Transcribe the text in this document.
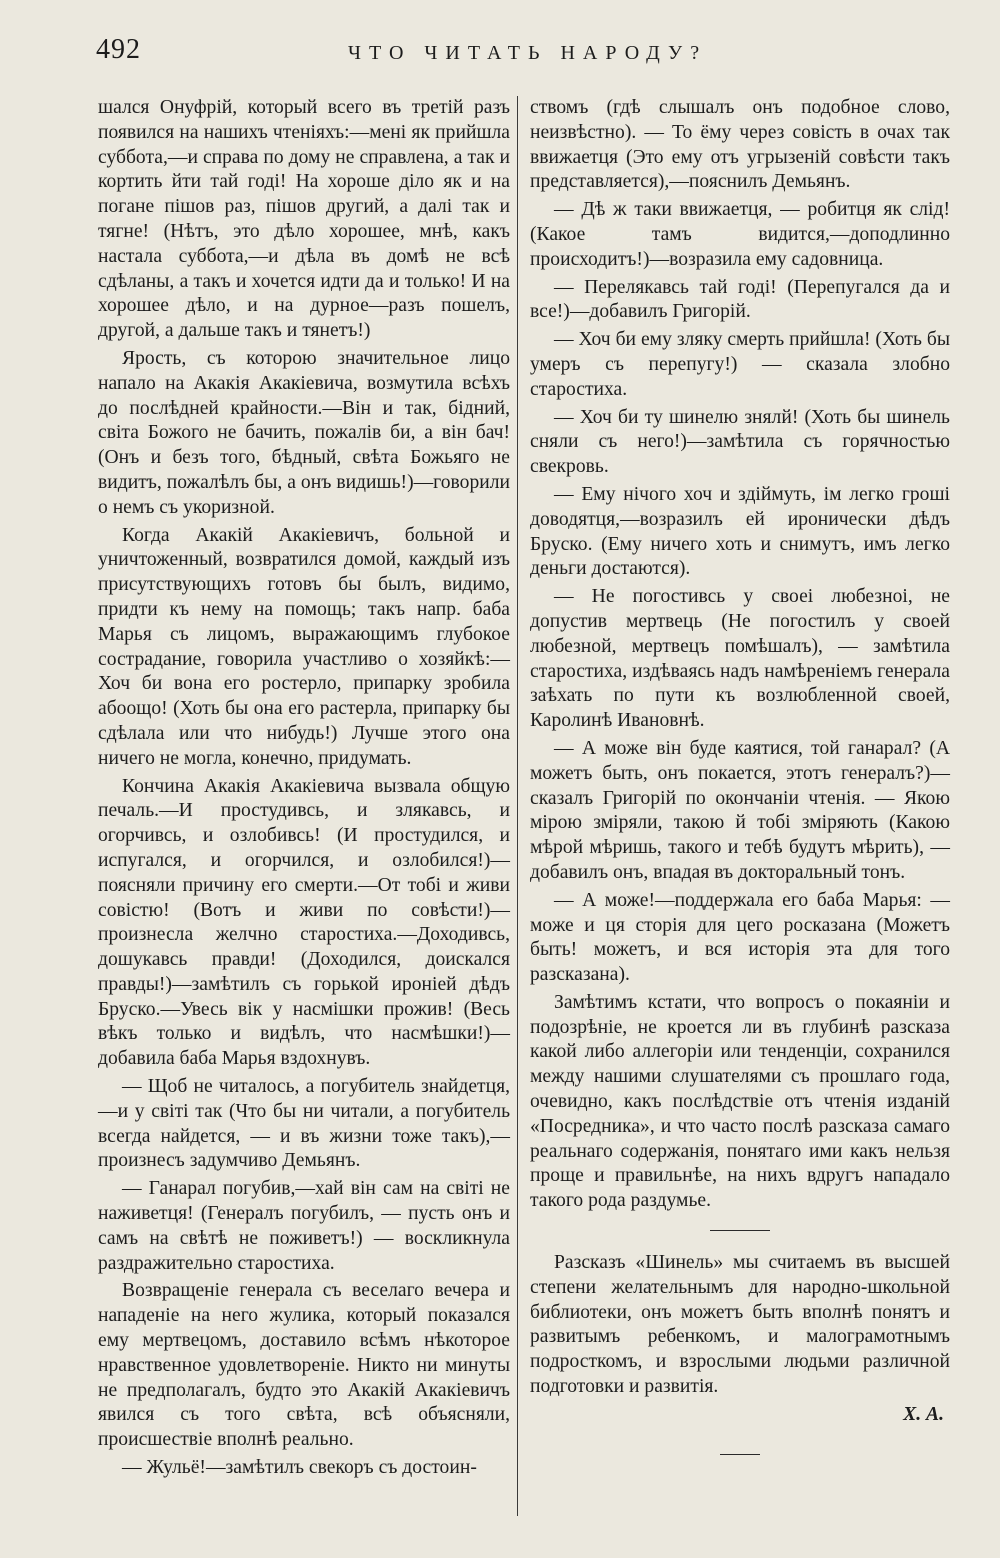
492	ЧТО ЧИТАТЬ НАРОДУ?

шался Онуфрій, который всего въ третій разъ появился на нашихъ чтеніяхъ:—мені як прийшла суббота,—и справа по дому не справлена, а так и кортить йти тай годі! На хороше діло як и на погане пішов раз, пішов другий, а далі так и тягне! (Нѣтъ, это дѣло хорошее, мнѣ, какъ настала суббота,—и дѣла въ домѣ не всѣ сдѣланы, а такъ и хочется идти да и только! И на хорошее дѣло, и на дурное—разъ пошелъ, другой, а дальше такъ и тянетъ!)

Ярость, съ которою значительное лицо напало на Акакія Акакіевича, возмутила всѣхъ до послѣдней крайности.—Він и так, бідний, світа Божого не бачить, пожалів би, а він бач! (Онъ и безъ того, бѣдный, свѣта Божьяго не видитъ, пожалѣлъ бы, а онъ видишь!)—говорили о немъ съ укоризной.

Когда Акакій Акакіевичъ, больной и уничтоженный, возвратился домой, каждый изъ присутствующихъ готовъ бы былъ, видимо, придти къ нему на помощь; такъ напр. баба Марья съ лицомъ, выражающимъ глубокое сострадание, говорила участливо о хозяйкѣ:—Хоч би вона его ростерло, припарку зробила абоощо! (Хоть бы она его растерла, припарку бы сдѣлала или что нибудь!) Лучше этого она ничего не могла, конечно, придумать.

Кончина Акакія Акакіевича вызвала общую печаль.—И простудивсь, и злякавсь, и огорчивсь, и озлобивсь! (И простудился, и испугался, и огорчился, и озлобился!)—поясняли причину его смерти.—От тобі и живи совістю! (Вотъ и живи по совѣсти!)—произнесла желчно старостиха.—Доходивсь, дошукавсь правди! (Доходился, доискался правды!)—замѣтилъ съ горькой ироніей дѣдъ Бруско.—Увесь вік у насмішки прожив! (Весь вѣкъ только и видѣлъ, что насмѣшки!)—добавила баба Марья вздохнувъ.

— Щоб не читалось, а погубитель знайдетця,—и у світі так (Что бы ни читали, а погубитель всегда найдется, — и въ жизни тоже такъ),—произнесъ задумчиво Демьянъ.

— Ганарал погубив,—хай він сам на світі не наживетця! (Генералъ погубилъ, — пусть онъ и самъ на свѣтѣ не поживетъ!) — воскликнула раздражительно старостиха.

Возвращеніе генерала съ веселаго вечера и нападеніе на него жулика, который показался ему мертвецомъ, доставило всѣмъ нѣкоторое нравственное удовлетвореніе. Никто ни минуты не предполагалъ, будто это Акакій Акакіевичъ явился съ того свѣта, всѣ объясняли, происшествіе вполнѣ реально.

— Жульё!—замѣтилъ свекоръ съ достоин-

ствомъ (гдѣ слышалъ онъ подобное слово, неизвѣстно). — То ёму через совість в очах так ввижаетця (Это ему отъ угрызеній совѣсти такъ представляется),—пояснилъ Демьянъ.

— Дѣ ж таки ввижаетця, — робитця як слід! (Какое тамъ видится,—доподлинно происходитъ!)—возразила ему садовница.

— Перелякавсь тай годі! (Перепугался да и все!)—добавилъ Григорій.

— Хоч би ему зляку смерть прийшла! (Хоть бы умеръ съ перепугу!) — сказала злобно старостиха.

— Хоч би ту шинелю знялй! (Хоть бы шинель сняли съ него!)—замѣтила съ горячностью свекровь.

— Ему нічого хоч и здіймуть, ім легко гроші доводятця,—возразилъ ей иронически дѣдъ Бруско. (Ему ничего хоть и снимутъ, имъ легко деньги достаются).

— Не погостивсь у своеі любезноі, не допустив мертвець (Не погостилъ у своей любезной, мертвецъ помѣшалъ), — замѣтила старостиха, издѣваясь надъ намѣреніемъ генерала заѣхать по пути къ возлюбленной своей, Каролинѣ Ивановнѣ.

— А може він буде каятися, той ганарал? (А можетъ быть, онъ покается, этотъ генералъ?)—сказалъ Григорій по окончаніи чтенія. — Якою мірою зміряли, такою й тобі зміряють (Какою мѣрой мѣришь, такого и тебѣ будутъ мѣрить), — добавилъ онъ, впадая въ докторальный тонъ.

— А може!—поддержала его баба Марья: —може и ця сторія для цего росказана (Можетъ быть! можетъ, и вся исторія эта для того разсказана).

Замѣтимъ кстати, что вопросъ о покаяніи и подозрѣніе, не кроется ли въ глубинѣ разсказа какой либо аллегоріи или тенденціи, сохранился между нашими слушателями съ прошлаго года, очевидно, какъ послѣдствіе отъ чтенія изданій «Посредника», и что часто послѣ разсказа самаго реальнаго содержанія, понятаго ими какъ нельзя проще и правильнѣе, на нихъ вдругъ нападало такого рода раздумье.

Разсказъ «Шинель» мы считаемъ въ высшей степени желательнымъ для народно-школьной библиотеки, онъ можетъ быть вполнѣ понятъ и развитымъ ребенкомъ, и малограмотнымъ подросткомъ, и взрослыми людьми различной подготовки и развитія.

Х. А.
